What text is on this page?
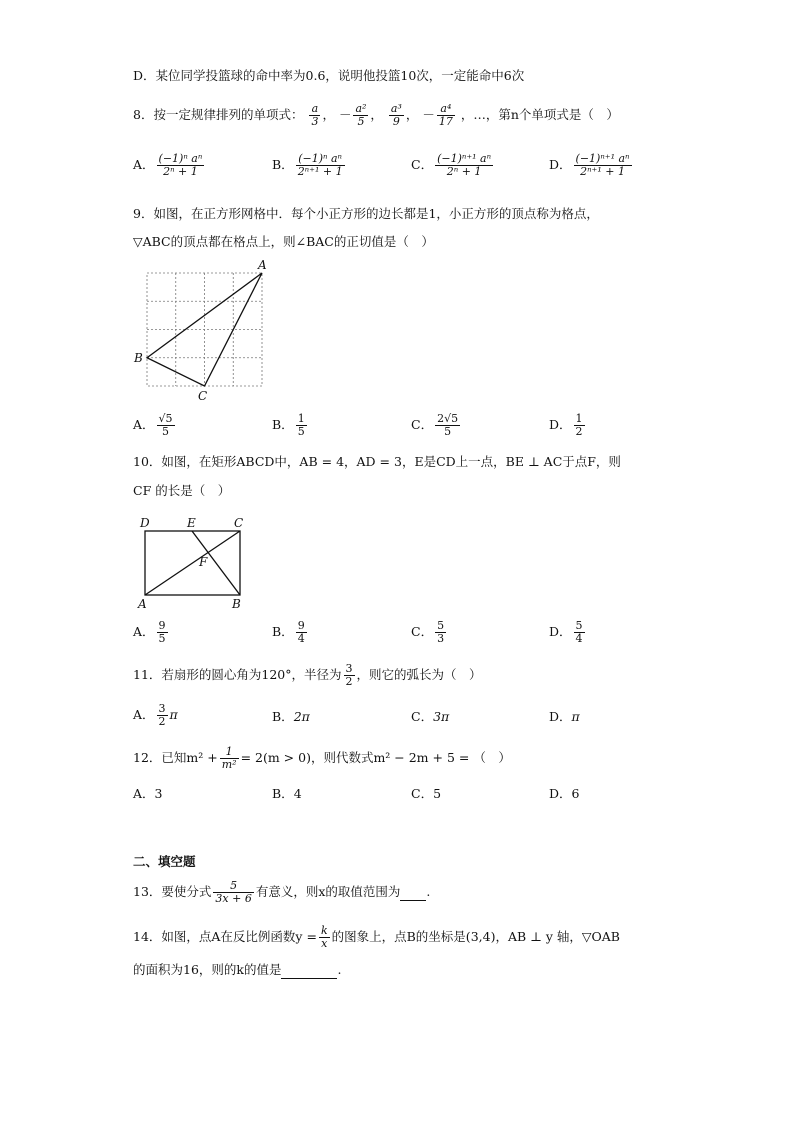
D．某位同学投篮球的命中率为0.6，说明他投篮10次，一定能命中6次
8．按一定规律排列的单项式： $\frac{a}{3}$ ， － $\frac{\text{a²}}{5}$ ， $\frac{\text{a³}}{9}$ ， － $\frac{\text{a⁴}}{17}$ ，…，第n个单项式是（　）
A． $\frac{\text{(−1)ⁿ aⁿ}}{\text{2ⁿ + 1}}$	B． $\frac{\text{(−1)ⁿ aⁿ}}{\text{2ⁿ⁺¹ + 1}}$	C． $\frac{\text{(−1)ⁿ⁺¹ aⁿ}}{\text{2ⁿ + 1}}$	D． $\frac{\text{(−1)ⁿ⁺¹ aⁿ}}{\text{2ⁿ⁺¹ + 1}}$
9．如图，在正方形网格中．每个小正方形的边长都是1，小正方形的顶点称为格点，
▽ABC的顶点都在格点上，则∠BAC的正切值是（　）
A
B
C
A． $\frac{√5}{5}$	B． $\frac{1}{5}$	C． $\frac{2√5}{5}$	D． $\frac{1}{2}$
10．如图，在矩形ABCD中，AB = 4，AD = 3，E是CD上一点，BE ⊥ AC于点F，则
CF 的长是（　）
D	E	C
F
A	B
A． $\frac{9}{5}$	B． $\frac{9}{4}$	C． $\frac{5}{3}$	D． $\frac{5}{4}$
11．若扇形的圆心角为120°，半径为 $\frac{3}{2}$ ，则它的弧长为（　）
A． $\frac{3}{2}$ π	B．2π	C．3π	D．π
12．已知$m^2 + \frac{1}{\text{m²}} = 2(m > 0)$，则代数式m² − 2m + 5 = （　）
A．3	B．4	C．5	D．6
二、填空题
13．要使分式 $\frac{5}{3x + 6}$ 有意义，则x的取值范围为 .
14．如图，点A在反比例函数$y = \frac{k}{x}$ 的图象上，点B的坐标是(3,4)，AB ⊥ y 轴，▽OAB
的面积为16，则的k的值是	.
